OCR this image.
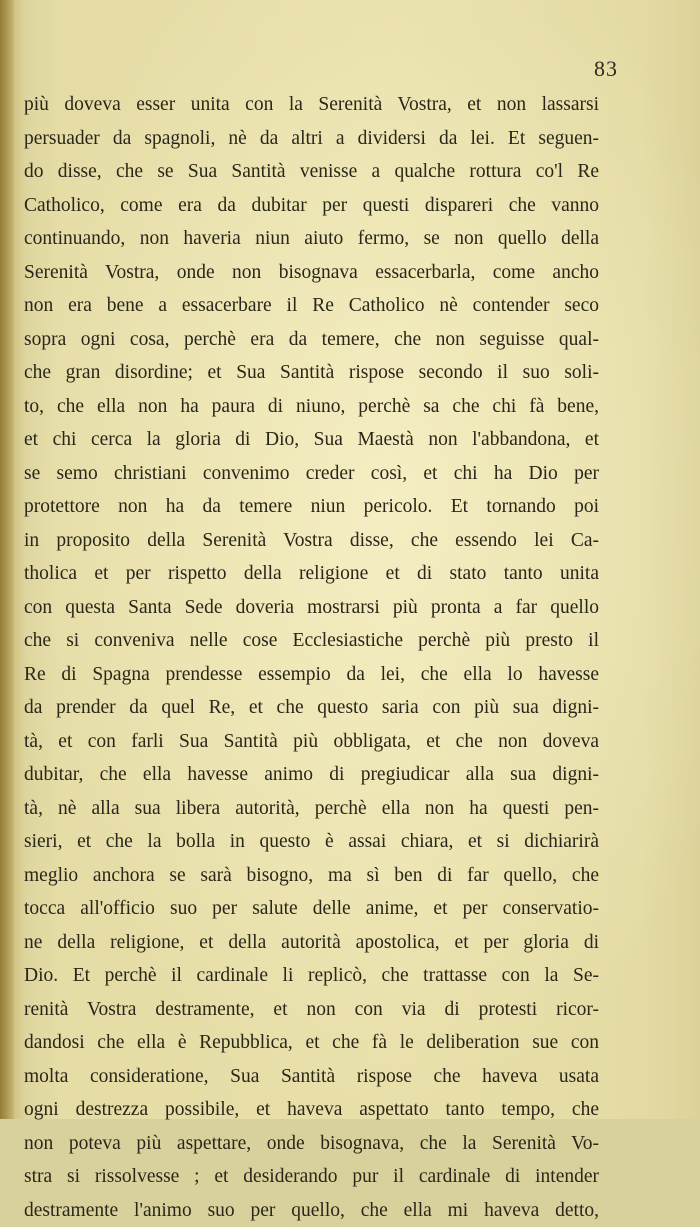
83

più doveva esser unita con la Serenità Vostra, et non lassarsi
persuader da spagnoli, nè da altri a dividersi da lei. Et seguen-
do disse, che se Sua Santità venisse a qualche rottura co'l Re
Catholico, come era da dubitar per questi dispareri che vanno
continuando, non haveria niun aiuto fermo, se non quello della
Serenità Vostra, onde non bisognava essacerbarla, come ancho
non era bene a essacerbare il Re Catholico nè contender seco
sopra ogni cosa, perchè era da temere, che non seguisse qual-
che gran disordine; et Sua Santità rispose secondo il suo soli-
to, che ella non ha paura di niuno, perchè sa che chi fà bene,
et chi cerca la gloria di Dio, Sua Maestà non l'abbandona, et
se semo christiani convenimo creder così, et chi ha Dio per
protettore non ha da temere niun pericolo. Et tornando poi
in proposito della Serenità Vostra disse, che essendo lei Ca-
tholica et per rispetto della religione et di stato tanto unita
con questa Santa Sede doveria mostrarsi più pronta a far quello
che si conveniva nelle cose Ecclesiastiche perchè più presto il
Re di Spagna prendesse essempio da lei, che ella lo havesse
da prender da quel Re, et che questo saria con più sua digni-
tà, et con farli Sua Santità più obbligata, et che non doveva
dubitar, che ella havesse animo di pregiudicar alla sua digni-
tà, nè alla sua libera autorità, perchè ella non ha questi pen-
sieri, et che la bolla in questo è assai chiara, et si dichiarirà
meglio anchora se sarà bisogno, ma sì ben di far quello, che
tocca all'officio suo per salute delle anime, et per conservatio-
ne della religione, et della autorità apostolica, et per gloria di
Dio. Et perchè il cardinale li replicò, che trattasse con la Se-
renità Vostra destramente, et non con via di protesti ricor-
dandosi che ella è Repubblica, et che fà le deliberation sue con
molta consideratione, Sua Santità rispose che haveva usata
ogni destrezza possibile, et haveva aspettato tanto tempo, che
non poteva più aspettare, onde bisognava, che la Serenità Vo-
stra si rissolvesse ; et desiderando pur il cardinale di intender
destramente l'animo suo per quello, che ella mi haveva detto,
